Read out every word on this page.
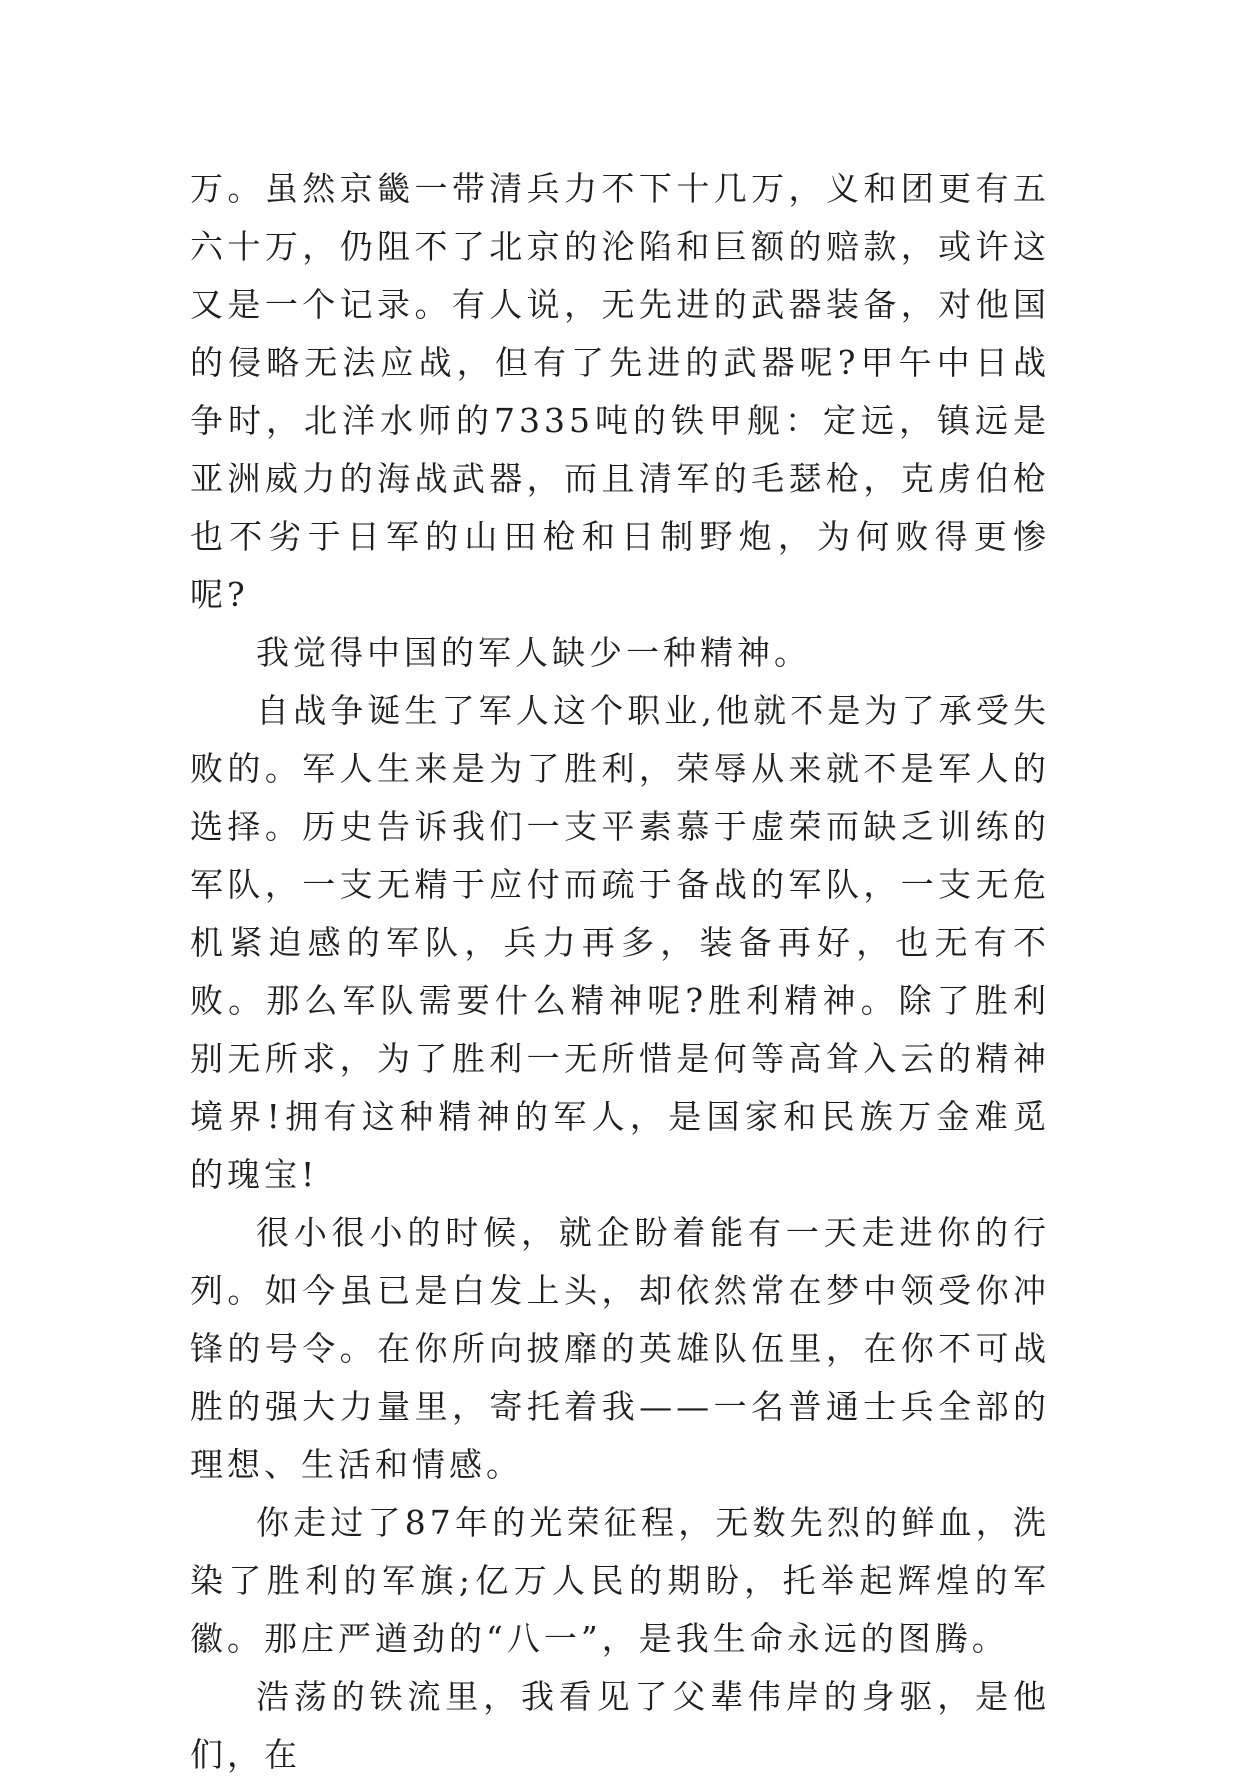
万。虽然京畿一带清兵力不下十几万，义和团更有五六十万，仍阻不了北京的沦陷和巨额的赔款，或许这又是一个记录。有人说，无先进的武器装备，对他国的侵略无法应战，但有了先进的武器呢?甲午中日战争时，北洋水师的7335吨的铁甲舰：定远，镇远是亚洲威力的海战武器，而且清军的毛瑟枪，克虏伯枪也不劣于日军的山田枪和日制野炮，为何败得更惨呢?

我觉得中国的军人缺少一种精神。

自战争诞生了军人这个职业,他就不是为了承受失败的。军人生来是为了胜利，荣辱从来就不是军人的选择。历史告诉我们一支平素慕于虚荣而缺乏训练的军队，一支无精于应付而疏于备战的军队，一支无危机紧迫感的军队，兵力再多，装备再好，也无有不败。那么军队需要什么精神呢?胜利精神。除了胜利别无所求，为了胜利一无所惜是何等高耸入云的精神境界!拥有这种精神的军人，是国家和民族万金难觅的瑰宝!

很小很小的时候，就企盼着能有一天走进你的行列。如今虽已是白发上头，却依然常在梦中领受你冲锋的号令。在你所向披靡的英雄队伍里，在你不可战胜的强大力量里，寄托着我——一名普通士兵全部的理想、生活和情感。

你走过了87年的光荣征程，无数先烈的鲜血，洗染了胜利的军旗;亿万人民的期盼，托举起辉煌的军徽。那庄严遒劲的“八一”，是我生命永远的图腾。

浩荡的铁流里，我看见了父辈伟岸的身驱，是他们，在
